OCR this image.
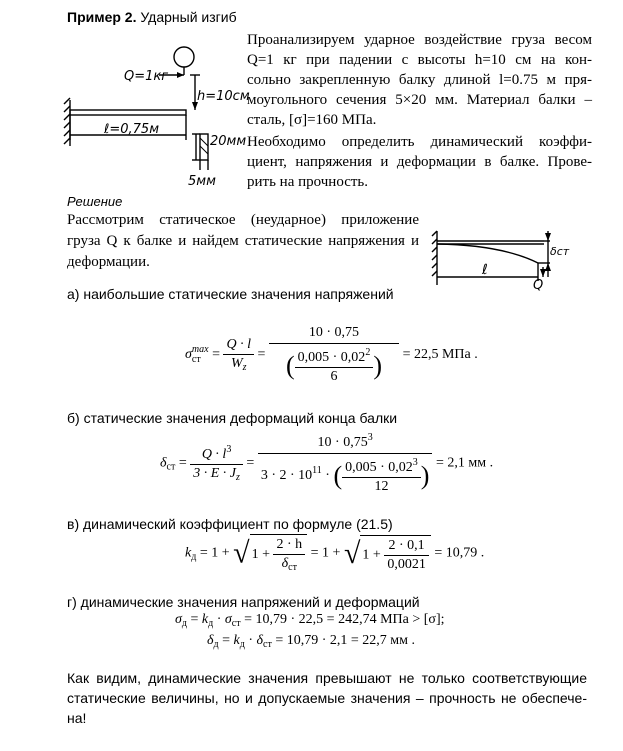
Пример 2. Ударный изгиб
Q=1кг
h=10см
ℓ=0,75м
20мм
5мм
Проанализируем ударное воздействие груза весом
Q=1 кг при падении с высоты h=10 см на кон-
сольно закрепленную балку длиной l=0.75 м пря-
моугольного сечения 5×20 мм. Материал балки –
сталь, [σ]=160 МПа.
Необходимо определить динамический коэффи-
циент, напряжения и деформации в балке. Прове-
рить на прочность.
Решение
Рассмотрим статическое (неударное) приложение
груза Q к балке и найдем статические напряжения и
деформации.
δст
ℓ
Q
а) наибольшие статические значения напряжений
σmax
ст = $\frac{Q \cdot l}{W_z} = \frac{10 \cdot 0,75}{( \frac{0,005 \cdot 0,02^2}{6} )} = 22,5$ МПа .
б) статические значения деформаций конца балки
$\delta_{ст} = \frac{Q \cdot l^3}{3 \cdot E \cdot J_z} = \frac{10 \cdot 0,75^3}{3 \cdot 2 \cdot 10^{11} \cdot ( \frac{0,005 \cdot 0,02^3}{12} )} = 2,1$ мм .
в) динамический коэффициент по формуле (21.5)
$k_д = 1$ + √ $1 + \frac{2 \cdot h}{\delta_{ст}} = 1$ + √ $1 + \frac{2 \cdot 0,1}{0,0021} = 10,79$ .
г) динамические значения напряжений и деформаций
$\sigma_д = k_д \cdot \sigma_{ст} = 10,79 \cdot 22,5 = 242,74$ МПа > [σ];
$\delta_д = k_д \cdot \delta_{ст} = 10,79 \cdot 2,1 = 22,7$ мм .
Как видим, динамические значения превышают не только соответствующие
статические величины, но и допускаемые значения – прочность не обеспече-
на!
